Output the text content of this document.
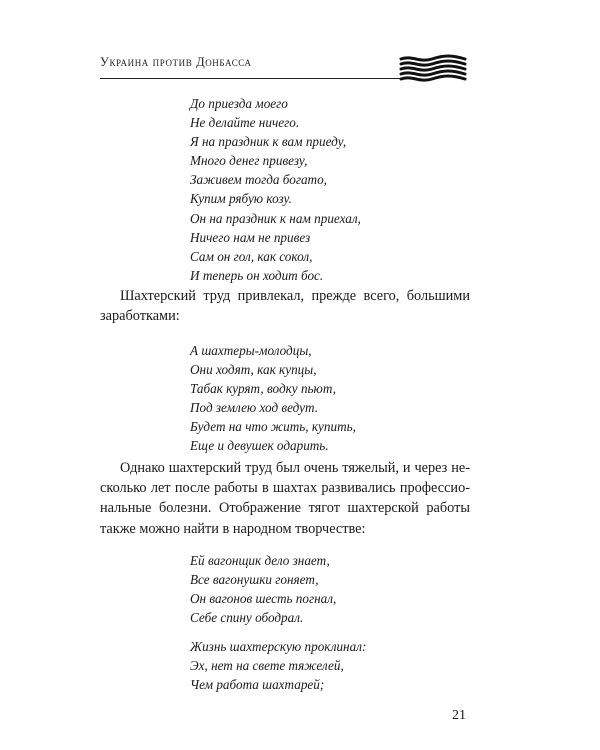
Украина против Донбасса
До приезда моего
Не делайте ничего.
Я на праздник к вам приеду,
Много денег привезу,
Заживем тогда богато,
Купим рябую козу.
Он на праздник к нам приехал,
Ничего нам не привез
Сам он гол, как сокол,
И теперь он ходит бос.

Шахтерский труд привлекал, прежде всего, большими заработками:

А шахтеры-молодцы,
Они ходят, как купцы,
Табак курят, водку пьют,
Под землею ход ведут.
Будет на что жить, купить,
Еще и девушек одарить.

Однако шахтерский труд был очень тяжелый, и через несколько лет после работы в шахтах развивались профессиональные болезни. Отображение тягот шахтерской работы также можно найти в народном творчестве:

Ей вагонщик дело знает,
Все вагонушки гоняет,
Он вагонов шесть погнал,
Себе спину ободрал.
Жизнь шахтерскую проклинал:
Эх, нет на свете тяжелей,
Чем работа шахтарей;
21
